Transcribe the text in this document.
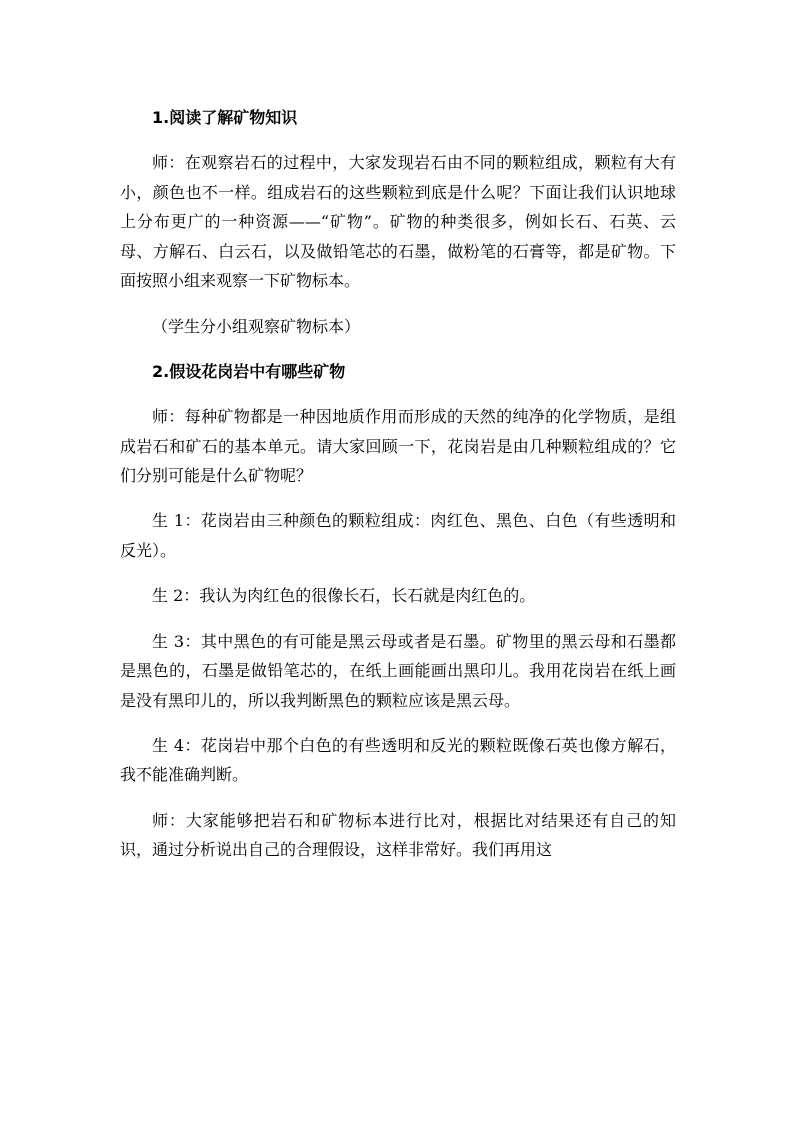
1.阅读了解矿物知识

师：在观察岩石的过程中，大家发现岩石由不同的颗粒组成，颗粒有大有小，颜色也不一样。组成岩石的这些颗粒到底是什么呢？下面让我们认识地球上分布更广的一种资源——“矿物”。矿物的种类很多，例如长石、石英、云母、方解石、白云石，以及做铅笔芯的石墨，做粉笔的石膏等，都是矿物。下面按照小组来观察一下矿物标本。

（学生分小组观察矿物标本）

2.假设花岗岩中有哪些矿物

师：每种矿物都是一种因地质作用而形成的天然的纯净的化学物质，是组成岩石和矿石的基本单元。请大家回顾一下，花岗岩是由几种颗粒组成的？它们分别可能是什么矿物呢？

生 1：花岗岩由三种颜色的颗粒组成：肉红色、黑色、白色（有些透明和反光）。

生 2：我认为肉红色的很像长石，长石就是肉红色的。

生 3：其中黑色的有可能是黑云母或者是石墨。矿物里的黑云母和石墨都是黑色的，石墨是做铅笔芯的，在纸上画能画出黑印儿。我用花岗岩在纸上画是没有黑印儿的，所以我判断黑色的颗粒应该是黑云母。

生 4：花岗岩中那个白色的有些透明和反光的颗粒既像石英也像方解石，我不能准确判断。

师：大家能够把岩石和矿物标本进行比对，根据比对结果还有自己的知识，通过分析说出自己的合理假设，这样非常好。我们再用这
